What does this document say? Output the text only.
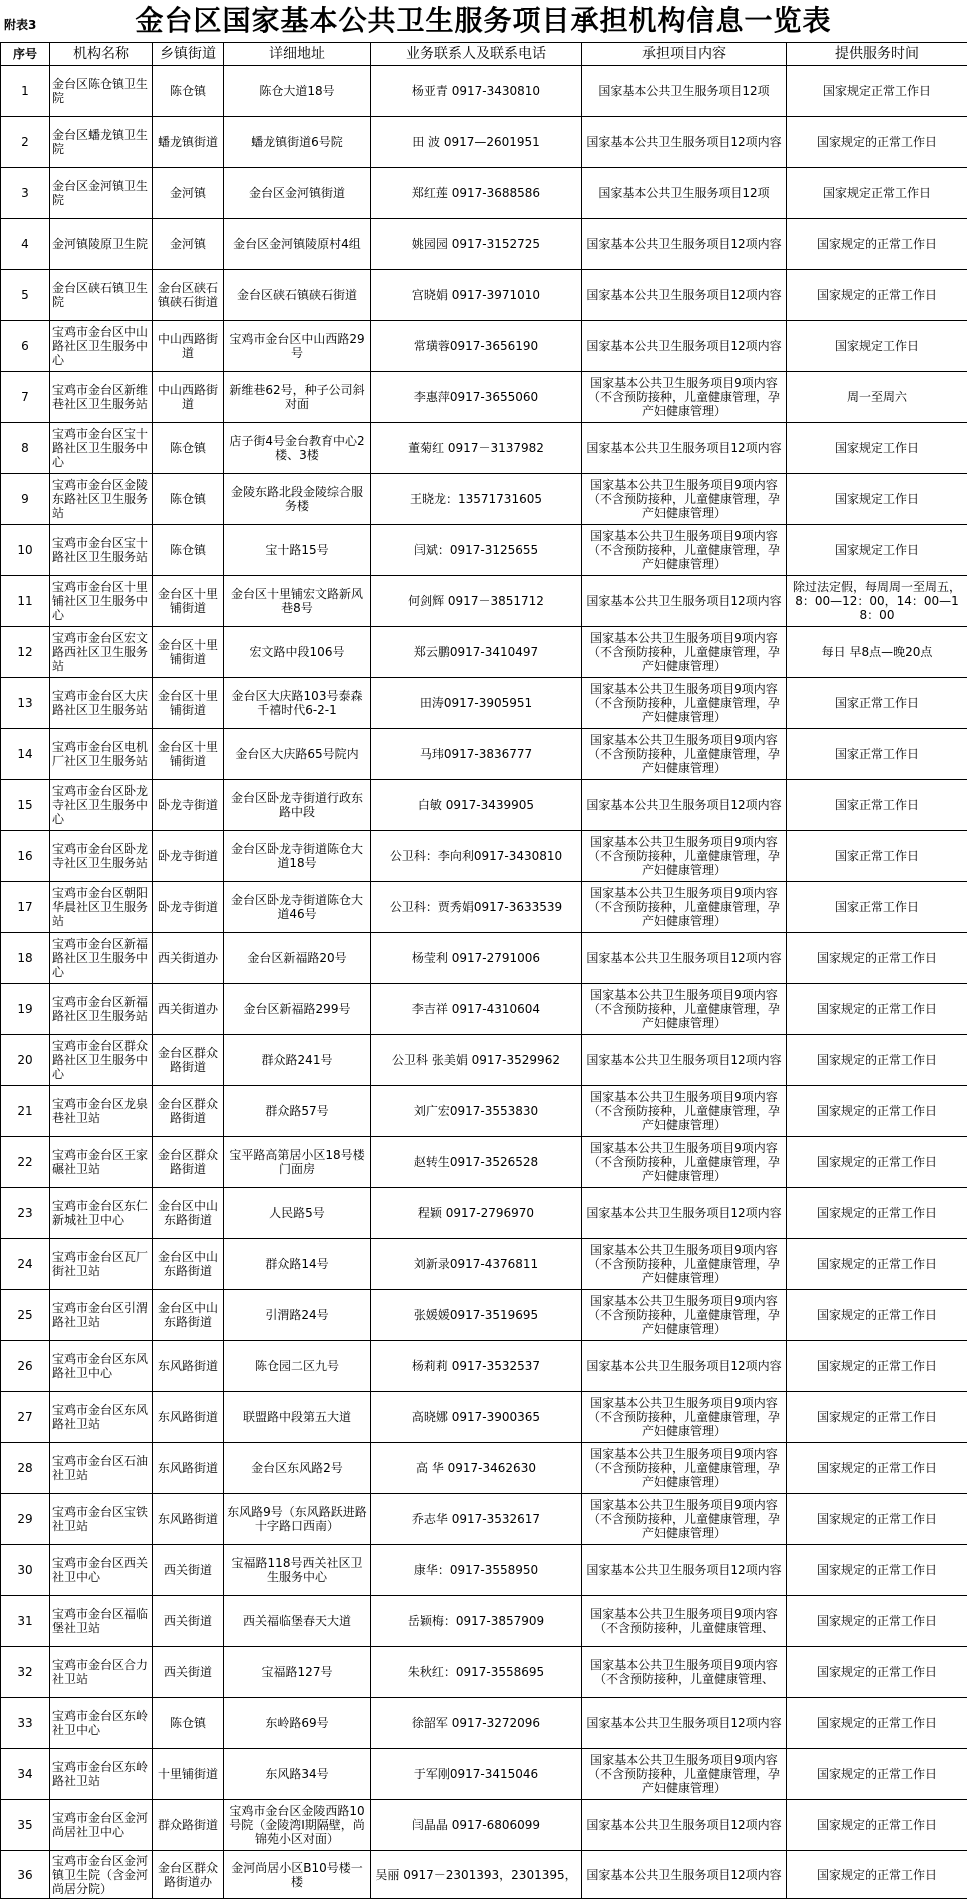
附表3	金台区国家基本公共卫生服务项目承担机构信息一览表
序号	机构名称	乡镇街道	详细地址	业务联系人及联系电话	承担项目内容	提供服务时间
1	金台区陈仓镇卫生院	陈仓镇	陈仓大道18号	杨亚青 0917-3430810	国家基本公共卫生服务项目12项	国家规定正常工作日
2	金台区蟠龙镇卫生院	蟠龙镇街道	蟠龙镇街道6号院	田 波 0917—2601951	国家基本公共卫生服务项目12项内容	国家规定的正常工作日
3	金台区金河镇卫生院	金河镇	金台区金河镇街道	郑红莲 0917-3688586	国家基本公共卫生服务项目12项	国家规定正常工作日
4	金河镇陵原卫生院	金河镇	金台区金河镇陵原村4组	姚园园 0917-3152725	国家基本公共卫生服务项目12项内容	国家规定的正常工作日
5	金台区硖石镇卫生院	金台区硖石镇硖石街道	金台区硖石镇硖石街道	宫晓娟 0917-3971010	国家基本公共卫生服务项目12项内容	国家规定的正常工作日
6	宝鸡市金台区中山路社区卫生服务中心	中山西路街道	宝鸡市金台区中山西路29号	常璜蓉0917-3656190	国家基本公共卫生服务项目12项内容	国家规定工作日
7	宝鸡市金台区新维巷社区卫生服务站	中山西路街道	新维巷62号，种子公司斜对面	李惠萍0917-3655060	国家基本公共卫生服务项目9项内容（不含预防接种，儿童健康管理，孕产妇健康管理）	周一至周六
8	宝鸡市金台区宝十路社区卫生服务中心	陈仓镇	店子街4号金台教育中心2楼、3楼	董菊红 0917－3137982	国家基本公共卫生服务项目12项内容	国家规定工作日
9	宝鸡市金台区金陵东路社区卫生服务站	陈仓镇	金陵东路北段金陵综合服务楼	王晓龙：13571731605	国家基本公共卫生服务项目9项内容（不含预防接种，儿童健康管理，孕产妇健康管理）	国家规定工作日
10	宝鸡市金台区宝十路社区卫生服务站	陈仓镇	宝十路15号	闫斌：0917-3125655	国家基本公共卫生服务项目9项内容（不含预防接种，儿童健康管理，孕产妇健康管理）	国家规定工作日
11	宝鸡市金台区十里铺社区卫生服务中心	金台区十里铺街道	金台区十里铺宏文路新风巷8号	何剑辉 0917－3851712	国家基本公共卫生服务项目12项内容	除过法定假，每周周一至周五，8：00—12：00，14：00—18：00
12	宝鸡市金台区宏文路西社区卫生服务站	金台区十里铺街道	宏文路中段106号	郑云鹏0917-3410497	国家基本公共卫生服务项目9项内容（不含预防接种，儿童健康管理，孕产妇健康管理）	每日 早8点—晚20点
13	宝鸡市金台区大庆路社区卫生服务站	金台区十里铺街道	金台区大庆路103号泰森千禧时代6-2-1	田涛0917-3905951	国家基本公共卫生服务项目9项内容（不含预防接种，儿童健康管理，孕产妇健康管理）	国家正常工作日
14	宝鸡市金台区电机厂社区卫生服务站	金台区十里铺街道	金台区大庆路65号院内	马玮0917-3836777	国家基本公共卫生服务项目9项内容（不含预防接种，儿童健康管理，孕产妇健康管理）	国家正常工作日
15	宝鸡市金台区卧龙寺社区卫生服务中心	卧龙寺街道	金台区卧龙寺街道行政东路中段	白敏 0917-3439905	国家基本公共卫生服务项目12项内容	国家正常工作日
16	宝鸡市金台区卧龙寺社区卫生服务站	卧龙寺街道	金台区卧龙寺街道陈仓大道18号	公卫科：李向利0917-3430810	国家基本公共卫生服务项目9项内容（不含预防接种，儿童健康管理，孕产妇健康管理）	国家正常工作日
17	宝鸡市金台区朝阳华晨社区卫生服务站	卧龙寺街道	金台区卧龙寺街道陈仓大道46号	公卫科：贾秀娟0917-3633539	国家基本公共卫生服务项目9项内容（不含预防接种，儿童健康管理，孕产妇健康管理）	国家正常工作日
18	宝鸡市金台区新福路社区卫生服务中心	西关街道办	金台区新福路20号	杨莹利 0917-2791006	国家基本公共卫生服务项目12项内容	国家规定的正常工作日
19	宝鸡市金台区新福路社区卫生服务站	西关街道办	金台区新福路299号	李吉祥 0917-4310604	国家基本公共卫生服务项目9项内容（不含预防接种，儿童健康管理，孕产妇健康管理）	国家规定的正常工作日
20	宝鸡市金台区群众路社区卫生服务中心	金台区群众路街道	群众路241号	公卫科 张美娟 0917-3529962	国家基本公共卫生服务项目12项内容	国家规定的正常工作日
21	宝鸡市金台区龙泉巷社卫站	金台区群众路街道	群众路57号	刘广宏0917-3553830	国家基本公共卫生服务项目9项内容（不含预防接种，儿童健康管理，孕产妇健康管理）	国家规定的正常工作日
22	宝鸡市金台区王家碾社卫站	金台区群众路街道	宝平路高第居小区18号楼门面房	赵转生0917-3526528	国家基本公共卫生服务项目9项内容（不含预防接种，儿童健康管理，孕产妇健康管理）	国家规定的正常工作日
23	宝鸡市金台区东仁新城社卫中心	金台区中山东路街道	人民路5号	程颖 0917-2796970	国家基本公共卫生服务项目12项内容	国家规定的正常工作日
24	宝鸡市金台区瓦厂街社卫站	金台区中山东路街道	群众路14号	刘新录0917-4376811	国家基本公共卫生服务项目9项内容（不含预防接种，儿童健康管理，孕产妇健康管理）	国家规定的正常工作日
25	宝鸡市金台区引渭路社卫站	金台区中山东路街道	引渭路24号	张媛媛0917-3519695	国家基本公共卫生服务项目9项内容（不含预防接种，儿童健康管理，孕产妇健康管理）	国家规定的正常工作日
26	宝鸡市金台区东风路社卫中心	东风路街道	陈仓园二区九号	杨莉莉 0917-3532537	国家基本公共卫生服务项目12项内容	国家规定的正常工作日
27	宝鸡市金台区东风路社卫站	东风路街道	联盟路中段第五大道	高晓娜 0917-3900365	国家基本公共卫生服务项目9项内容（不含预防接种，儿童健康管理，孕产妇健康管理）	国家规定的正常工作日
28	宝鸡市金台区石油社卫站	东风路街道	金台区东风路2号	高 华 0917-3462630	国家基本公共卫生服务项目9项内容（不含预防接种，儿童健康管理，孕产妇健康管理）	国家规定的正常工作日
29	宝鸡市金台区宝铁社卫站	东风路街道	东风路9号（东风路跃进路十字路口西南）	乔志华 0917-3532617	国家基本公共卫生服务项目9项内容（不含预防接种，儿童健康管理，孕产妇健康管理）	国家规定的正常工作日
30	宝鸡市金台区西关社卫中心	西关街道	宝福路118号西关社区卫生服务中心	康华：0917-3558950	国家基本公共卫生服务项目12项内容	国家规定的正常工作日
31	宝鸡市金台区福临堡社卫站	西关街道	西关福临堡春天大道	岳颖梅：0917-3857909	国家基本公共卫生服务项目9项内容（不含预防接种，儿童健康管理、	国家规定的正常工作日
32	宝鸡市金台区合力社卫站	西关街道	宝福路127号	朱秋红：0917-3558695	国家基本公共卫生服务项目9项内容（不含预防接种，儿童健康管理、	国家规定的正常工作日
33	宝鸡市金台区东岭社卫中心	陈仓镇	东岭路69号	徐韶军 0917-3272096	国家基本公共卫生服务项目12项内容	国家规定的正常工作日
34	宝鸡市金台区东岭路社卫站	十里铺街道	东风路34号	于军刚0917-3415046	国家基本公共卫生服务项目9项内容（不含预防接种，儿童健康管理，孕产妇健康管理）	国家规定的正常工作日
35	宝鸡市金台区金河尚居社卫中心	群众路街道	宝鸡市金台区金陵西路10号院（金陵湾Ⅰ期隔壁，尚锦苑小区对面）	闫晶晶 0917-6806099	国家基本公共卫生服务项目12项内容	国家规定的正常工作日
36	宝鸡市金台区金河镇卫生院（含金河尚居分院）	金台区群众路街道办	金河尚居小区B10号楼一楼	吴丽 0917－2301393，2301395，	国家基本公共卫生服务项目12项内容	国家规定的正常工作日
